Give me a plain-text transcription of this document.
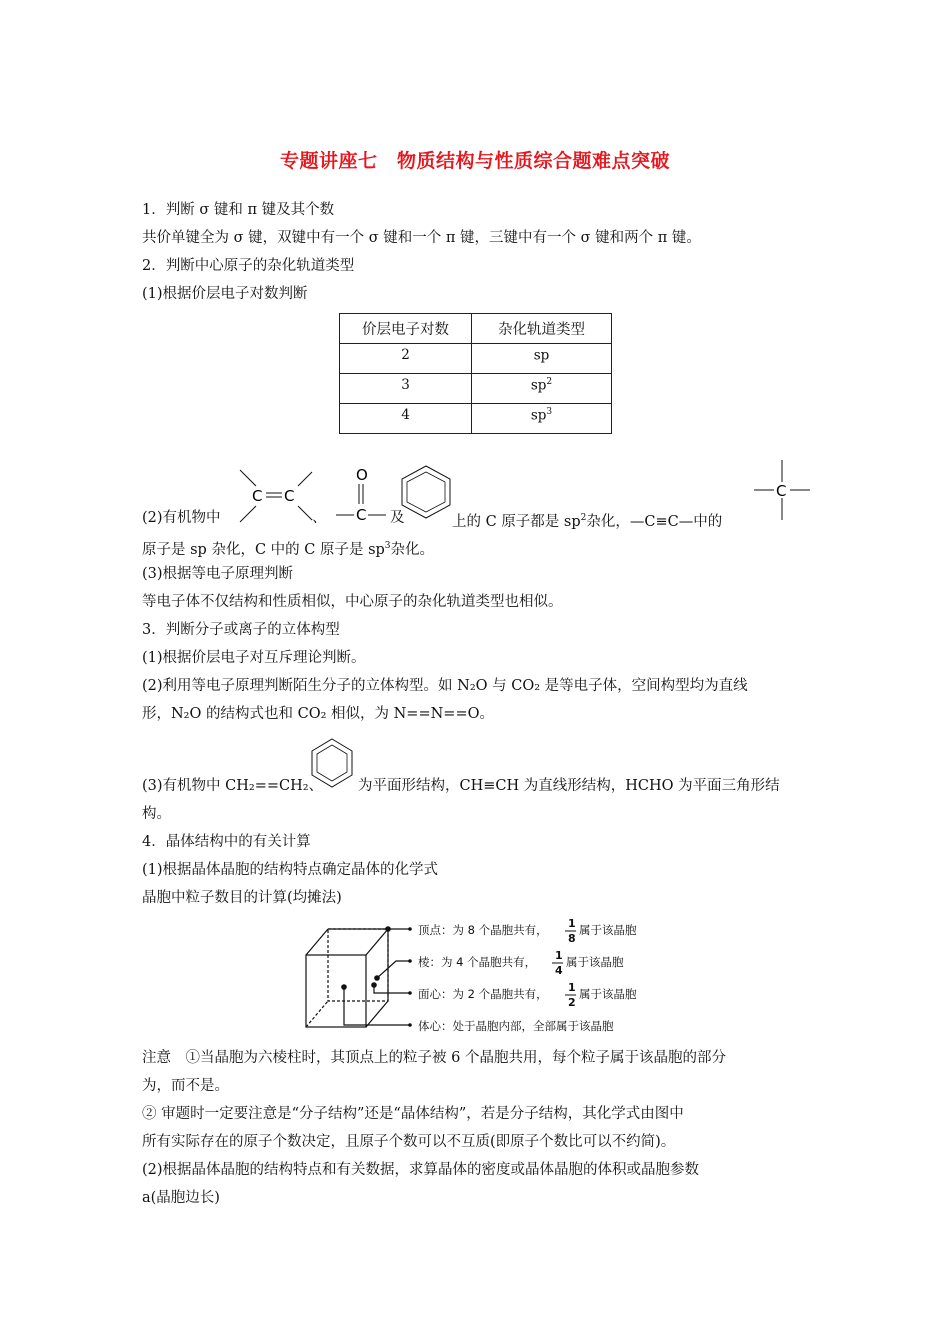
专题讲座七　物质结构与性质综合题难点突破
1．判断 σ 键和 π 键及其个数
共价单键全为 σ 键，双键中有一个 σ 键和一个 π 键，三键中有一个 σ 键和两个 π 键。
2．判断中心原子的杂化轨道类型
(1)根据价层电子对数判断
价层电子对数	杂化轨道类型
2	sp
3	$sp^2$
4	$sp^3$
C C
O
C
C
(2)有机物中	、	及	上的 C 原子都是 $sp^2$杂化，—C≡C—中的
原子是 sp 杂化，C 中的 C 原子是 $sp^3$杂化。
(3)根据等电子原理判断
等电子体不仅结构和性质相似，中心原子的杂化轨道类型也相似。
3．判断分子或离子的立体构型
(1)根据价层电子对互斥理论判断。
(2)利用等电子原理判断陌生分子的立体构型。如 N₂O 与 CO₂ 是等电子体，空间构型均为直线
形，N₂O 的结构式也和 CO₂ 相似，为 N==N==O。
(3)有机物中 CH₂==CH₂、 为平面形结构，CH≡CH 为直线形结构，HCHO 为平面三角形结
构。
4．晶体结构中的有关计算
(1)根据晶体晶胞的结构特点确定晶体的化学式
晶胞中粒子数目的计算(均摊法)
顶点：为 8 个晶胞共有， 1
8
属于该晶胞
棱：为 4 个晶胞共有， 1
4
属于该晶胞
面心：为 2 个晶胞共有， 1
2
属于该晶胞
体心：处于晶胞内部，全部属于该晶胞
注意　①当晶胞为六棱柱时，其顶点上的粒子被 6 个晶胞共用，每个粒子属于该晶胞的部分
为，而不是。
② 审题时一定要注意是“分子结构”还是“晶体结构”，若是分子结构，其化学式由图中
所有实际存在的原子个数决定，且原子个数可以不互质(即原子个数比可以不约简)。
(2)根据晶体晶胞的结构特点和有关数据，求算晶体的密度或晶体晶胞的体积或晶胞参数
a(晶胞边长)
